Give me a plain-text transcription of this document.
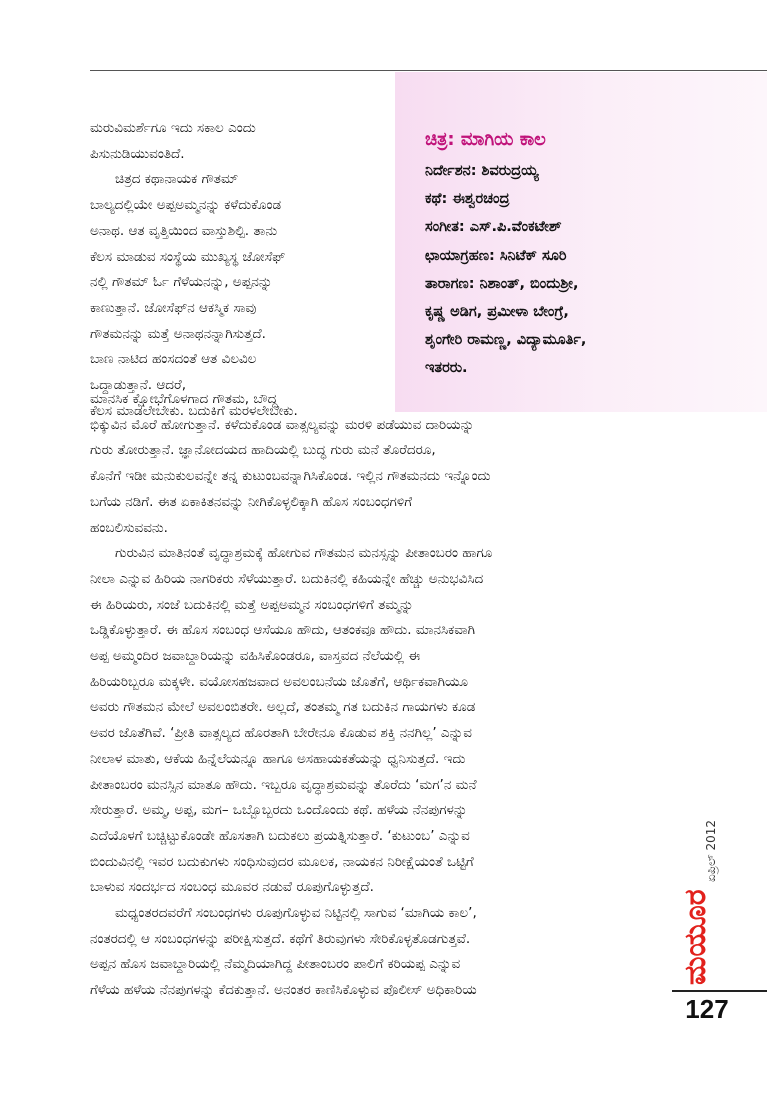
ಚಿತ್ರ: ಮಾಗಿಯ ಕಾಲ
ನಿರ್ದೇಶನ: ಶಿವರುದ್ರಯ್ಯ
ಕಥೆ: ಈಶ್ವರಚಂದ್ರ
ಸಂಗೀತ: ಎಸ್.ಪಿ.ವೆಂಕಟೇಶ್
ಛಾಯಾಗ್ರಹಣ: ಸಿನಿಟೆಕ್ ಸೂರಿ
ತಾರಾಗಣ: ನಿಶಾಂತ್, ಬಿಂದುಶ್ರೀ,
ಕೃಷ್ಣ ಅಡಿಗ, ಪ್ರಮೀಳಾ ಬೇಂಗ್ರೆ,
ಶೃಂಗೇರಿ ರಾಮಣ್ಣ, ವಿದ್ಯಾಮೂರ್ತಿ,
ಇತರರು.
ಮರುವಿಮರ್ಶೆಗೂ ಇದು ಸಕಾಲ ಎಂದು
ಪಿಸುನುಡಿಯುವಂತಿದೆ.
ಚಿತ್ರದ ಕಥಾನಾಯಕ ಗೌತಮ್
ಬಾಲ್ಯದಲ್ಲಿಯೇ ಅಪ್ಪಅಮ್ಮನನ್ನು ಕಳೆದುಕೊಂಡ
ಅನಾಥ. ಆತ ವೃತ್ತಿಯಿಂದ ವಾಸ್ತುಶಿಲ್ಪಿ. ತಾನು
ಕೆಲಸ ಮಾಡುವ ಸಂಸ್ಥೆಯ ಮುಖ್ಯಸ್ಥ ಜೋಸೆಫ್
ನಲ್ಲಿ ಗೌತಮ್ ರ್ಓ ಗೆಳೆಯನನ್ನು, ಅಪ್ಪನನ್ನು
ಕಾಣುತ್ತಾನೆ. ಜೋಸೆಫ್‌ನ ಆಕಸ್ಮಿಕ ಸಾವು
ಗೌತಮನನ್ನು ಮತ್ತೆ ಅನಾಥನನ್ನಾಗಿಸುತ್ತದೆ.
ಬಾಣ ನಾಟಿದ ಹಂಸದಂತೆ ಆತ ವಿಲವಿಲ
ಒದ್ದಾಡುತ್ತಾನೆ. ಆದರೆ,
ಕೆಲಸ ಮಾಡಲೇಬೇಕು. ಬದುಕಿಗೆ ಮರಳಲೇಬೇಕು.
ಮಾನಸಿಕ ಕ್ಷೋಭೆಗೊಳಗಾದ ಗೌತಮ, ಬೌದ್ಧ
ಭಿಕ್ಕುವಿನ ಮೊರೆ ಹೋಗುತ್ತಾನೆ. ಕಳೆದುಕೊಂಡ ವಾತ್ಸಲ್ಯವನ್ನು ಮರಳಿ ಪಡೆಯುವ ದಾರಿಯನ್ನು
ಗುರು ತೋರುತ್ತಾನೆ. ಜ್ಞಾನೋದಯದ ಹಾದಿಯಲ್ಲಿ ಬುದ್ಧ ಗುರು ಮನೆ ತೊರೆದರೂ,
ಕೊನೆಗೆ ಇಡೀ ಮನುಕುಲವನ್ನೇ ತನ್ನ ಕುಟುಂಬವನ್ನಾಗಿಸಿಕೊಂಡ. ಇಲ್ಲಿನ ಗೌತಮನದು ಇನ್ನೊಂದು
ಬಗೆಯ ನಡಿಗೆ. ಈತ ಏಕಾಕಿತನವನ್ನು ನೀಗಿಕೊಳ್ಳಲಿಕ್ಕಾಗಿ ಹೊಸ ಸಂಬಂಧಗಳಿಗೆ
ಹಂಬಲಿಸುವವನು.
ಗುರುವಿನ ಮಾತಿನಂತೆ ವೃದ್ಧಾಶ್ರಮಕ್ಕೆ ಹೋಗುವ ಗೌತಮನ ಮನಸ್ಸನ್ನು ಪೀತಾಂಬರಂ ಹಾಗೂ
ನೀಲಾ ಎನ್ನುವ ಹಿರಿಯ ನಾಗರಿಕರು ಸೆಳೆಯುತ್ತಾರೆ. ಬದುಕಿನಲ್ಲಿ ಕಹಿಯನ್ನೇ ಹೆಚ್ಚು ಅನುಭವಿಸಿದ
ಈ ಹಿರಿಯರು, ಸಂಜೆ ಬದುಕಿನಲ್ಲಿ ಮತ್ತೆ ಅಪ್ಪಅಮ್ಮನ ಸಂಬಂಧಗಳಿಗೆ ತಮ್ಮನ್ನು
ಒಡ್ಡಿಕೊಳ್ಳುತ್ತಾರೆ. ಈ ಹೊಸ ಸಂಬಂಧ ಆಸೆಯೂ ಹೌದು, ಆತಂಕವೂ ಹೌದು. ಮಾನಸಿಕವಾಗಿ
ಅಪ್ಪ ಅಮ್ಮಂದಿರ ಜವಾಬ್ದಾರಿಯನ್ನು ವಹಿಸಿಕೊಂಡರೂ, ವಾಸ್ತವದ ನೆಲೆಯಲ್ಲಿ ಈ
ಹಿರಿಯರಿಬ್ಬರೂ ಮಕ್ಕಳೇ. ವಯೋಸಹಜವಾದ ಅವಲಂಬನೆಯ ಜೊತೆಗೆ, ಆರ್ಥಿಕವಾಗಿಯೂ
ಅವರು ಗೌತಮನ ಮೇಲೆ ಅವಲಂಬಿತರೇ. ಅಲ್ಲದೆ, ತಂತಮ್ಮ ಗತ ಬದುಕಿನ ಗಾಯಗಳು ಕೂಡ
ಅವರ ಜೊತೆಗಿವೆ. ‘ಪ್ರೀತಿ ವಾತ್ಸಲ್ಯದ ಹೊರತಾಗಿ ಬೇರೇನೂ ಕೊಡುವ ಶಕ್ತಿ ನನಗಿಲ್ಲ’ ಎನ್ನುವ
ನೀಲಾಳ ಮಾತು, ಆಕೆಯ ಹಿನ್ನೆಲೆಯನ್ನೂ ಹಾಗೂ ಅಸಹಾಯಕತೆಯನ್ನು ಧ್ವನಿಸುತ್ತದೆ. ಇದು
ಪೀತಾಂಬರಂ ಮನಸ್ಸಿನ ಮಾತೂ ಹೌದು. ಇಬ್ಬರೂ ವೃದ್ಧಾಶ್ರಮವನ್ನು ತೊರೆದು ‘ಮಗ’ನ ಮನೆ
ಸೇರುತ್ತಾರೆ. ಅಮ್ಮ, ಅಪ್ಪ, ಮಗ– ಒಬ್ಬೊಬ್ಬರದು ಒಂದೊಂದು ಕಥೆ. ಹಳೆಯ ನೆನಪುಗಳನ್ನು
ಎದೆಯೊಳಗೆ ಬಚ್ಚಿಟ್ಟುಕೊಂಡೇ ಹೊಸತಾಗಿ ಬದುಕಲು ಪ್ರಯತ್ನಿಸುತ್ತಾರೆ. ‘ಕುಟುಂಬ’ ಎನ್ನುವ
ಬಿಂದುವಿನಲ್ಲಿ ಇವರ ಬದುಕುಗಳು ಸಂಧಿಸುವುದರ ಮೂಲಕ, ನಾಯಕನ ನಿರೀಕ್ಷೆಯಂತೆ ಒಟ್ಟಿಗೆ
ಬಾಳುವ ಸಂದರ್ಭದ ಸಂಬಂಧ ಮೂವರ ನಡುವೆ ರೂಪುಗೊಳ್ಳುತ್ತದೆ.
ಮಧ್ಯಂತರದವರೆಗೆ ಸಂಬಂಧಗಳು ರೂಪುಗೊಳ್ಳುವ ನಿಟ್ಟಿನಲ್ಲಿ ಸಾಗುವ ‘ಮಾಗಿಯ ಕಾಲ’,
ನಂತರದಲ್ಲಿ ಆ ಸಂಬಂಧಗಳನ್ನು ಪರೀಕ್ಷಿಸುತ್ತದೆ. ಕಥೆಗೆ ತಿರುವುಗಳು ಸೇರಿಕೊಳ್ಳತೊಡಗುತ್ತವೆ.
ಅಪ್ಪನ ಹೊಸ ಜವಾಬ್ದಾರಿಯಲ್ಲಿ ನೆಮ್ಮದಿಯಾಗಿದ್ದ ಪೀತಾಂಬರಂ ಪಾಲಿಗೆ ಕರಿಯಪ್ಪ ಎನ್ನುವ
ಗೆಳೆಯ ಹಳೆಯ ನೆನಪುಗಳನ್ನು ಕೆದಕುತ್ತಾನೆ. ಅನಂತರ ಕಾಣಿಸಿಕೊಳ್ಳುವ ಪೊಲೀಸ್ ಅಧಿಕಾರಿಯ
ಮಯೂರ
ಏಪ್ರಿಲ್ 2012
127
